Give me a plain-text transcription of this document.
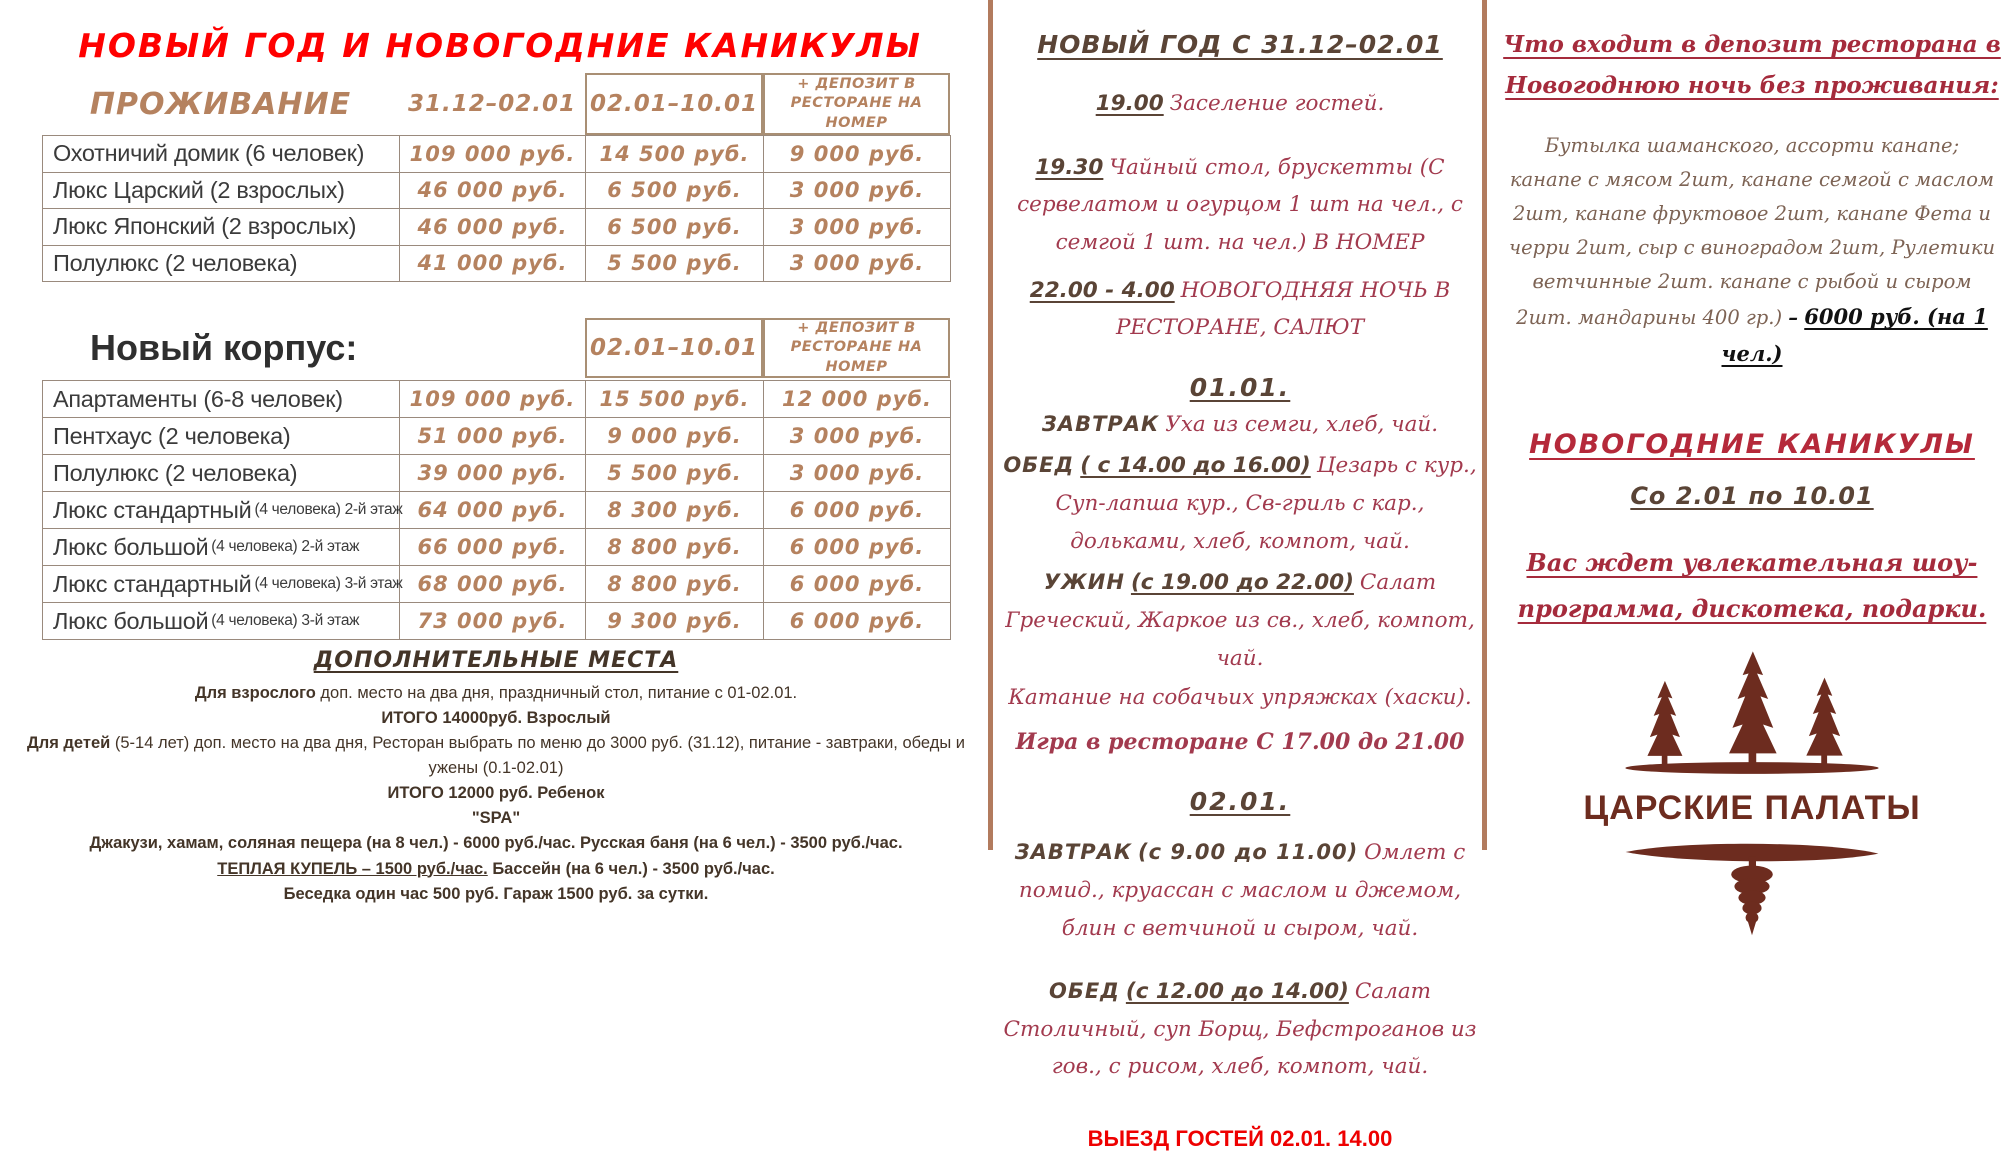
НОВЫЙ ГОД И НОВОГОДНИЕ КАНИКУЛЫ
ПРОЖИВАНИЕ	31.12–02.01 02.01–10.01
+ ДЕПОЗИТ В РЕСТОРАНЕ НА НОМЕР
Охотничий домик (6 человек)	109 000 руб.	14 500 руб.	9 000 руб.
Люкс Царский (2 взрослых)	46 000 руб.	6 500 руб.	3 000 руб.
Люкс Японский (2 взрослых)	46 000 руб.	6 500 руб.	3 000 руб.
Полулюкс (2 человека)	41 000 руб.	5 500 руб.	3 000 руб.
Новый корпус:	02.01–10.01
+ ДЕПОЗИТ В РЕСТОРАНЕ НА НОМЕР
Апартаменты (6-8 человек)	109 000 руб.	15 500 руб.	12 000 руб.
Пентхаус (2 человека)	51 000 руб.	9 000 руб.	3 000 руб.
Полулюкс (2 человека)	39 000 руб.	5 500 руб.	3 000 руб.
Люкс стандартный (4 человека) 2-й этаж 64 000 руб.	8 300 руб.	6 000 руб.
Люкс большой (4 человека) 2-й этаж	66 000 руб.	8 800 руб.	6 000 руб.
Люкс стандартный (4 человека) 3-й этаж 68 000 руб.	8 800 руб.	6 000 руб.
Люкс большой (4 человека) 3-й этаж	73 000 руб.	9 300 руб.	6 000 руб.
ДОПОЛНИТЕЛЬНЫЕ МЕСТА
Для взрослого доп. место на два дня, праздничный стол, питание с 01-02.01.
ИТОГО 14000руб. Взрослый
Для детей (5-14 лет) доп. место на два дня, Ресторан выбрать по меню до 3000 руб. (31.12), питание - завтраки, обеды и ужены (0.1-02.01)
ИТОГО 12000 руб. Ребенок
"SPA"
Джакузи, хамам, соляная пещера (на 8 чел.) - 6000 руб./час. Русская баня (на 6 чел.) - 3500 руб./час.
ТЕПЛАЯ КУПЕЛЬ – 1500 руб./час. Бассейн (на 6 чел.) - 3500 руб./час.
Беседка один час 500 руб. Гараж 1500 руб. за сутки.
НОВЫЙ ГОД С 31.12–02.01

19.00 Заселение гостей.

19.30 Чайный стол, брускетты (С сервелатом и огурцом 1 шт на чел., с семгой 1 шт. на чел.) В НОМЕР

22.00 - 4.00 НОВОГОДНЯЯ НОЧЬ В РЕСТОРАНЕ, САЛЮТ

01.01.

ЗАВТРАК Уха из семги, хлеб, чай.

ОБЕД ( с 14.00 до 16.00) Цезарь с кур., Суп-лапша кур., Св-гриль с кар., дольками, хлеб, компот, чай.

УЖИН (с 19.00 до 22.00) Салат Греческий, Жаркое из св., хлеб, компот, чай.

Катание на собачьих упряжках (хаски).

Игра в ресторане С 17.00 до 21.00

02.01.

ЗАВТРАК (с 9.00 до 11.00) Омлет с помид., круассан с маслом и джемом, блин с ветчиной и сыром, чай.

ОБЕД (с 12.00 до 14.00) Салат Столичный, суп Борщ, Бефстроганов из гов., с рисом, хлеб, компот, чай.

ВЫЕЗД ГОСТЕЙ 02.01. 14.00
Что входит в депозит ресторана в Новогоднюю ночь без проживания:

Бутылка шаманского, ассорти канапе; канапе с мясом 2шт, канапе семгой с маслом 2шт, канапе фруктовое 2шт, канапе Фета и черри 2шт, сыр с виноградом 2шт, Рулетики ветчинные 2шт. канапе с рыбой и сыром 2шт. мандарины 400 гр.) – 6000 руб. (на 1 чел.)

НОВОГОДНИЕ КАНИКУЛЫ
Со 2.01 по 10.01
Вас ждет увлекательная шоу-программа, дискотека, подарки.
ЦАРСКИЕ ПАЛАТЫ
